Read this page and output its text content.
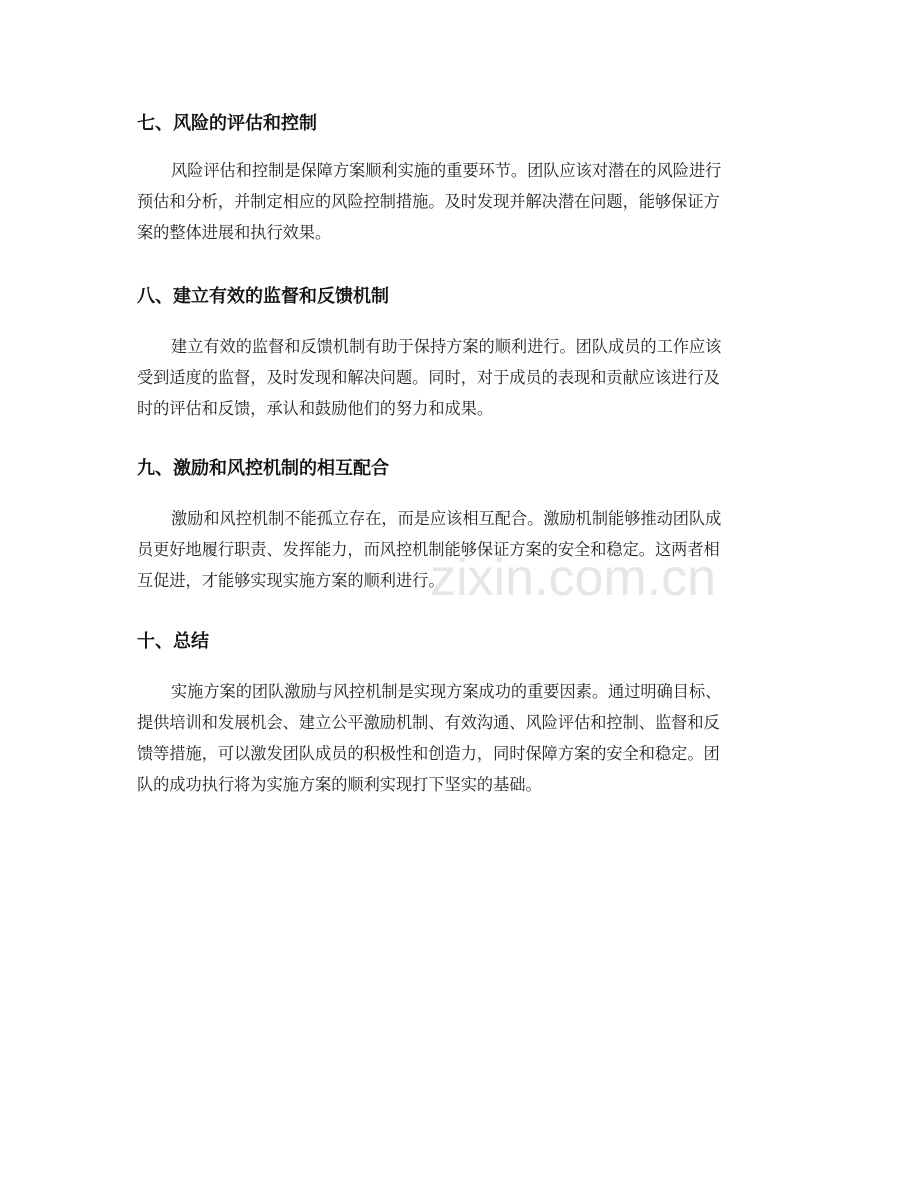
zixin.com.cn
七、风险的评估和控制

风险评估和控制是保障方案顺利实施的重要环节。团队应该对潜在的风险进行
预估和分析，并制定相应的风险控制措施。及时发现并解决潜在问题，能够保证方
案的整体进展和执行效果。

八、建立有效的监督和反馈机制

建立有效的监督和反馈机制有助于保持方案的顺利进行。团队成员的工作应该
受到适度的监督，及时发现和解决问题。同时，对于成员的表现和贡献应该进行及
时的评估和反馈，承认和鼓励他们的努力和成果。

九、激励和风控机制的相互配合

激励和风控机制不能孤立存在，而是应该相互配合。激励机制能够推动团队成
员更好地履行职责、发挥能力，而风控机制能够保证方案的安全和稳定。这两者相
互促进，才能够实现实施方案的顺利进行。

十、总结

实施方案的团队激励与风控机制是实现方案成功的重要因素。通过明确目标、
提供培训和发展机会、建立公平激励机制、有效沟通、风险评估和控制、监督和反
馈等措施，可以激发团队成员的积极性和创造力，同时保障方案的安全和稳定。团
队的成功执行将为实施方案的顺利实现打下坚实的基础。
